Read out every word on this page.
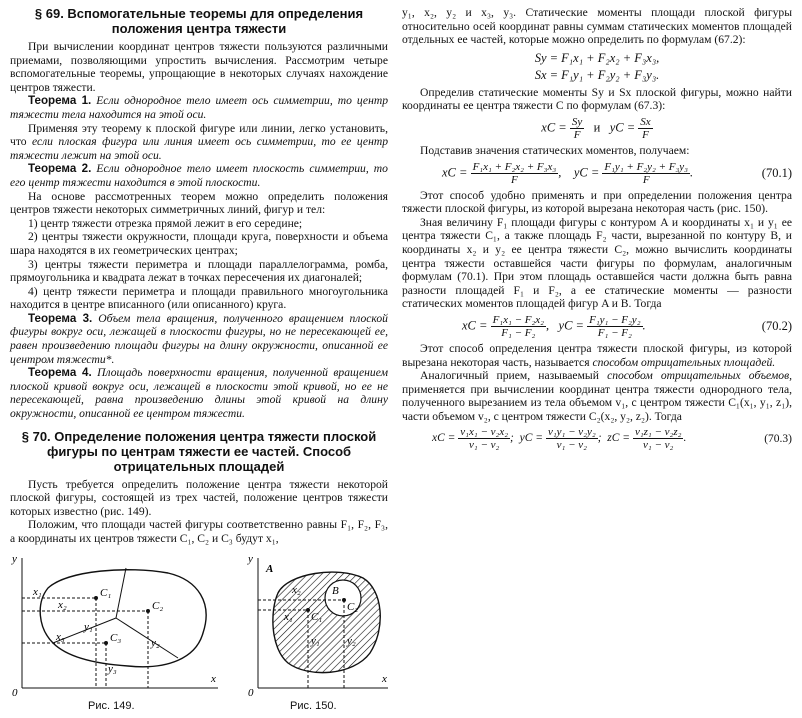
§ 69. Вспомогательные теоремы для определения положения центра тяжести

При вычислении координат центров тяжести пользуются различными приемами, позволяющими упростить вычисления. Рассмотрим четыре вспомогательные теоремы, упрощающие в некоторых случаях нахождение центров тяжести.

Теорема 1. Если однородное тело имеет ось симметрии, то центр тяжести тела находится на этой оси.

Применяя эту теорему к плоской фигуре или линии, легко установить, что если плоская фигура или линия имеет ось симметрии, то ее центр тяжести лежит на этой оси.

Теорема 2. Если однородное тело имеет плоскость симметрии, то его центр тяжести находится в этой плоскости.

На основе рассмотренных теорем можно определить положения центров тяжести некоторых симметричных линий, фигур и тел:

1) центр тяжести отрезка прямой лежит в его середине;

2) центры тяжести окружности, площади круга, поверхности и объема шара находятся в их геометрических центрах;

3) центры тяжести периметра и площади параллелограмма, ромба, прямоугольника и квадрата лежат в точках пересечения их диагоналей;

4) центр тяжести периметра и площади правильного многоугольника находится в центре вписанного (или описанного) круга.

Теорема 3. Объем тела вращения, полученного вращением плоской фигуры вокруг оси, лежащей в плоскости фигуры, но не пересекающей ее, равен произведению площади фигуры на длину окружности, описанной ее центром тяжести*.

Теорема 4. Площадь поверхности вращения, полученной вращением плоской кривой вокруг оси, лежащей в плоскости этой кривой, но ее не пересекающей, равна произведению длины этой кривой на длину окружности, описанной ее центром тяжести.

§ 70. Определение положения центра тяжести плоской фигуры по центрам тяжести ее частей. Способ отрицательных площадей

Пусть требуется определить положение центра тяжести некоторой плоской фигуры, состоящей из трех частей, положение центров тяжести которых известно (рис. 149).

Положим, что площади частей фигуры соответственно равны F₁, F₂, F₃, а координаты их центров тяжести C₁, C₂ и C₃ будут x₁,

y
0
x
x₁
x₂
x₃
y₁
y₂
y₃
C₁
C₂
C₃
y
0
x
A
B
x₂
x₁
y₁ y₂
C₁
C₂
Рис. 149.	Рис. 150.

y₁, x₂, y₂ и x₃, y₃. Статические моменты площади плоской фигуры относительно осей координат равны суммам статических моментов площадей отдельных ее частей, которые можно определить по формулам (67.2):

Sy = F₁x₁ + F₂x₂ + F₃x₃,
Sx = F₁y₁ + F₂y₂ + F₃y₃.

Определив статические моменты Sy и Sx плоской фигуры, можно найти координаты ее центра тяжести C по формулам (67.3):

xC = $\frac{Sy}{F}$ и yC = $\frac{Sx}{F}$

Подставив значения статических моментов, получаем:

xC = $\frac{\text{F₁x₁ + F₂x₂ + F₃x₃}}{F}$ ,    yC = $\frac{\text{F₁y₁ + F₂y₂ + F₃y₃}}{F}$ .	(70.1)

Этот способ удобно применять и при определении положения центра тяжести плоской фигуры, из которой вырезана некоторая часть (рис. 150).

Зная величину F₁ площади фигуры с контуром A и координаты x₁ и y₁ ее центра тяжести C₁, а также площадь F₂ части, вырезанной по контуру B, и координаты x₂ и y₂ ее центра тяжести C₂, можно вычислить координаты центра тяжести оставшейся части фигуры по формулам, аналогичным формулам (70.1). При этом площадь оставшейся части должна быть равна разности площадей F₁ и F₂, а ее статические моменты — разности статических моментов площадей фигур A и B. Тогда

xC = $\frac{\text{F₁x₁ − F₂x₂}}{\text{F₁ − F₂}}$ ,   yC = $\frac{\text{F₁y₁ − F₂y₂}}{\text{F₁ − F₂}}$ .	(70.2)

Этот способ определения центра тяжести плоской фигуры, из которой вырезана некоторая часть, называется способом отрицательных площадей.

Аналогичный прием, называемый способом отрицательных объемов, применяется при вычислении координат центра тяжести однородного тела, полученного вырезанием из тела объемом v₁, с центром тяжести C₁(x₁, y₁, z₁), части объемом v₂, с центром тяжести C₂(x₂, y₂, z₂). Тогда

xC = $\frac{\text{v₁x₁ − v₂x₂}}{\text{v₁ − v₂}}$ ;  yC = $\frac{\text{v₁y₁ − v₂y₂}}{\text{v₁ − v₂}}$ ;  zC = $\frac{\text{v₁z₁ − v₂z₂}}{\text{v₁ − v₂}}$ .	(70.3)
